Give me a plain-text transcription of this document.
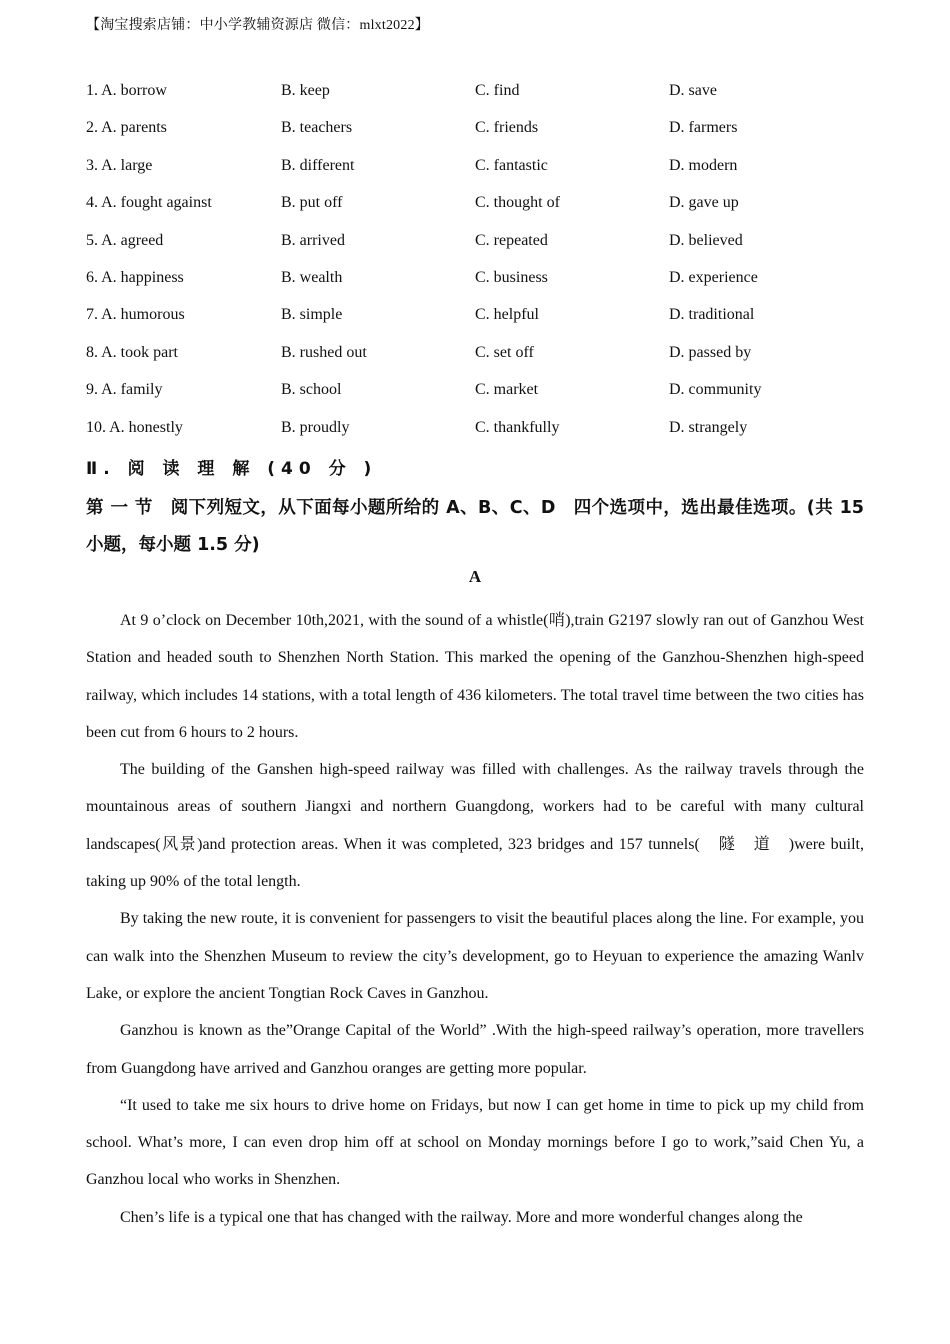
【淘宝搜索店铺：中小学教辅资源店 微信：mlxt2022】
1. A. borrow	B. keep	C. find	D. save
2. A. parents	B. teachers	C. friends	D. farmers
3. A. large	B. different	C. fantastic	D. modern
4. A. fought against	B. put off	C. thought of	D. gave up
5. A. agreed	B. arrived	C. repeated	D. believed
6. A. happiness	B. wealth	C. business	D. experience
7. A. humorous	B. simple	C. helpful	D. traditional
8. A. took part	B. rushed out	C. set off	D. passed by
9. A. family	B. school	C. market	D. community
10. A. honestly	B. proudly	C. thankfully	D. strangely
Ⅱ. 阅 读 理 解 (40 分 )
第 一 节　阅下列短文，从下面每小题所给的 A、B、C、D　四个选项中，选出最佳选项。(共 15 小题，每小题 1.5 分)
A

At 9 o’clock on December 10th,2021, with the sound of a whistle(哨),train G2197 slowly ran out of Ganzhou West Station and headed south to Shenzhen North Station. This marked the opening of the Ganzhou-Shenzhen high-speed railway, which includes 14 stations, with a total length of 436 kilometers. The total travel time between the two cities has been cut from 6 hours to 2 hours.

The building of the Ganshen high-speed railway was filled with challenges. As the railway travels through the mountainous areas of southern Jiangxi and northern Guangdong, workers had to be careful with many cultural landscapes(风景)and protection areas. When it was completed, 323 bridges and 157 tunnels(　隧　道　)were built, taking up 90% of the total length.

By taking the new route, it is convenient for passengers to visit the beautiful places along the line. For example, you can walk into the Shenzhen Museum to review the city’s development, go to Heyuan to experience the amazing Wanlv Lake, or explore the ancient Tongtian Rock Caves in Ganzhou.

Ganzhou is known as the”Orange Capital of the World” .With the high-speed railway’s operation, more travellers from Guangdong have arrived and Ganzhou oranges are getting more popular.

“It used to take me six hours to drive home on Fridays, but now I can get home in time to pick up my child from school. What’s more, I can even drop him off at school on Monday mornings before I go to work,”said Chen Yu, a Ganzhou local who works in Shenzhen.

Chen’s life is a typical one that has changed with the railway. More and more wonderful changes along the
